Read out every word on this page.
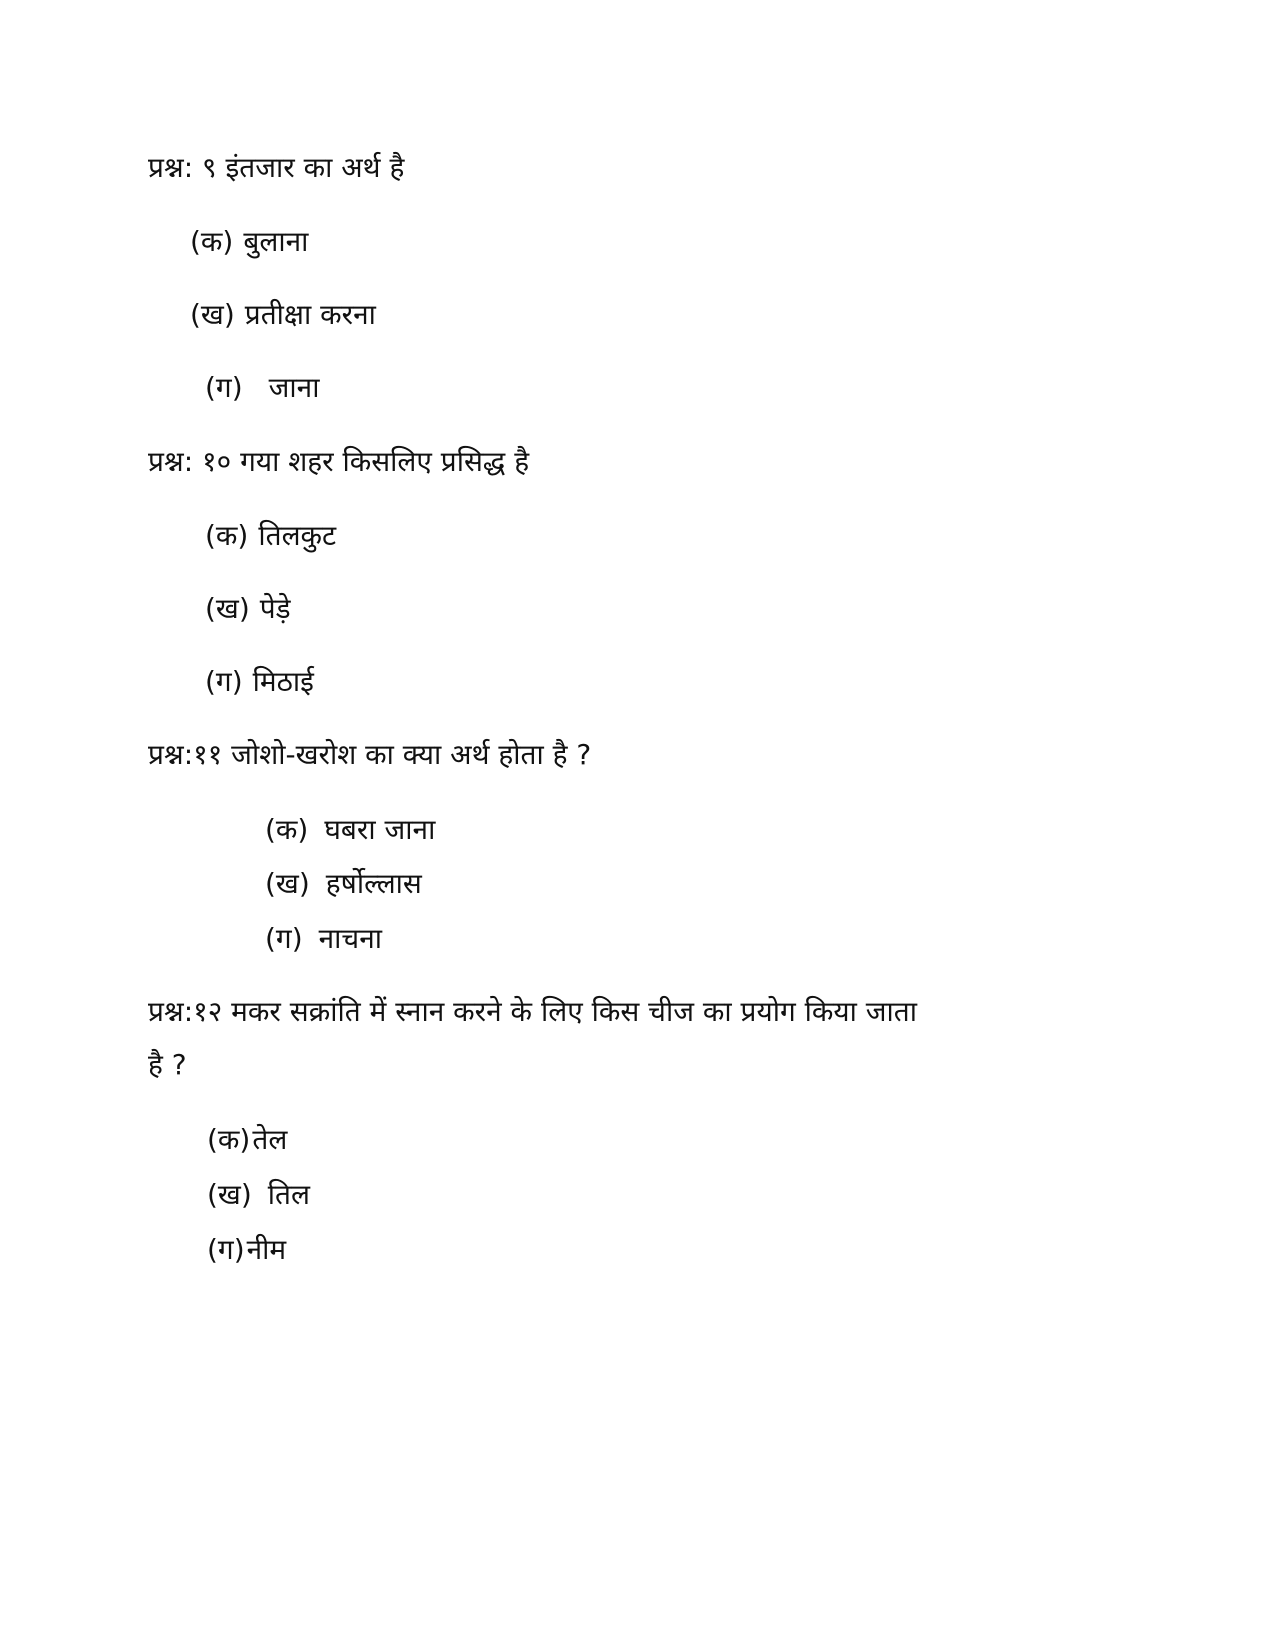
प्रश्न: ९ इंतजार का अर्थ है
(क) बुलाना
(ख) प्रतीक्षा करना
(ग) जाना
प्रश्न: १० गया शहर किसलिए प्रसिद्ध है
(क) तिलकुट
(ख) पेड़े
(ग) मिठाई
प्रश्न:११ जोशो-खरोश का क्या अर्थ होता है ?
(क) घबरा जाना
(ख) हर्षोल्लास
(ग) नाचना
प्रश्न:१२ मकर सक्रांति में स्नान करने के लिए किस चीज का प्रयोग किया जाता
है ?
(क)तेल
(ख) तिल
(ग)नीम
